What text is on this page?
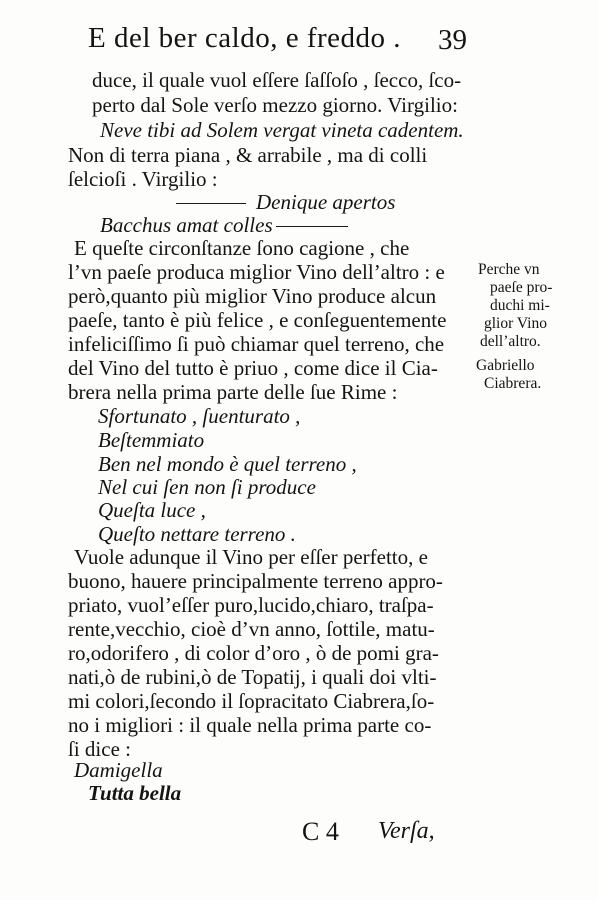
E del ber caldo, e freddo . 39
duce, il quale vuol eſſere ſaſſoſo , ſecco, ſco-
perto dal Sole verſo mezzo giorno. Virgilio:
Neve tibi ad Solem vergat vineta cadentem.
Non di terra piana , & arrabile , ma di colli
ſelcioſi . Virgilio :
Denique apertos
Bacchus amat colles
E queſte circonſtanze ſono cagione , che
l’vn paeſe produca miglior Vino dell’altro : e
però,quanto più miglior Vino produce alcun
paeſe, tanto è più felice , e conſeguentemente
infeliciſſimo ſi può chiamar quel terreno, che
del Vino del tutto è priuo , come dice il Cia-
brera nella prima parte delle ſue Rime :
Sfortunato , ſuenturato ,
Beſtemmiato
Ben nel mondo è quel terreno ,
Nel cui ſen non ſi produce
Queſta luce ,
Queſto nettare terreno .
Vuole adunque il Vino per eſſer perfetto, e
buono, hauere principalmente terreno appro-
priato, vuol’eſſer puro,lucido,chiaro, traſpa-
rente,vecchio, cioè d’vn anno, ſottile, matu-
ro,odorifero , di color d’oro , ò de pomi gra-
nati,ò de rubini,ò de Topatij, i quali doi vlti-
mi colori,ſecondo il ſopracitato Ciabrera,ſo-
no i migliori : il quale nella prima parte co-
ſi dice :
Damigella
Tutta bella
Perche vn
paeſe pro-
duchi mi-
glior Vino
dell’altro.
Gabriello
Ciabrera.
C 4 Verſa,
